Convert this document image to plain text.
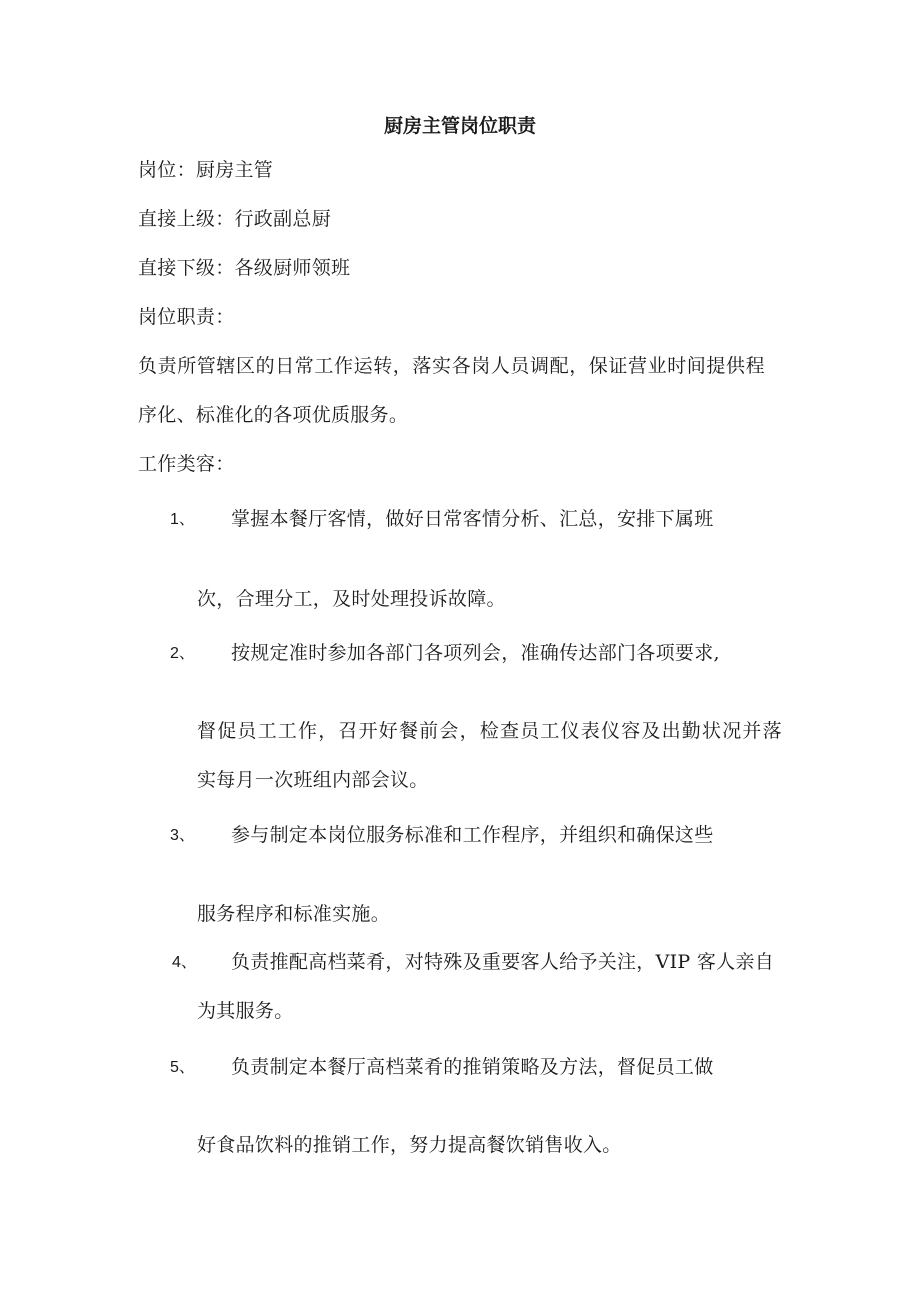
厨房主管岗位职责
岗位：厨房主管
直接上级：行政副总厨
直接下级：各级厨师领班
岗位职责：
负责所管辖区的日常工作运转，落实各岗人员调配，保证营业时间提供程
序化、标准化的各项优质服务。
工作类容：
1、 掌握本餐厅客情，做好日常客情分析、汇总，安排下属班
次，合理分工，及时处理投诉故障。
2、 按规定准时参加各部门各项列会，准确传达部门各项要求,
督促员工工作，召开好餐前会，检查员工仪表仪容及出勤状况并落
实每月一次班组内部会议。
3、 参与制定本岗位服务标准和工作程序，并组织和确保这些
服务程序和标准实施。
4、 负责推配高档菜肴，对特殊及重要客人给予关注，VIP 客人亲自
为其服务。
5、 负责制定本餐厅高档菜肴的推销策略及方法，督促员工做
好食品饮料的推销工作，努力提高餐饮销售收入。
